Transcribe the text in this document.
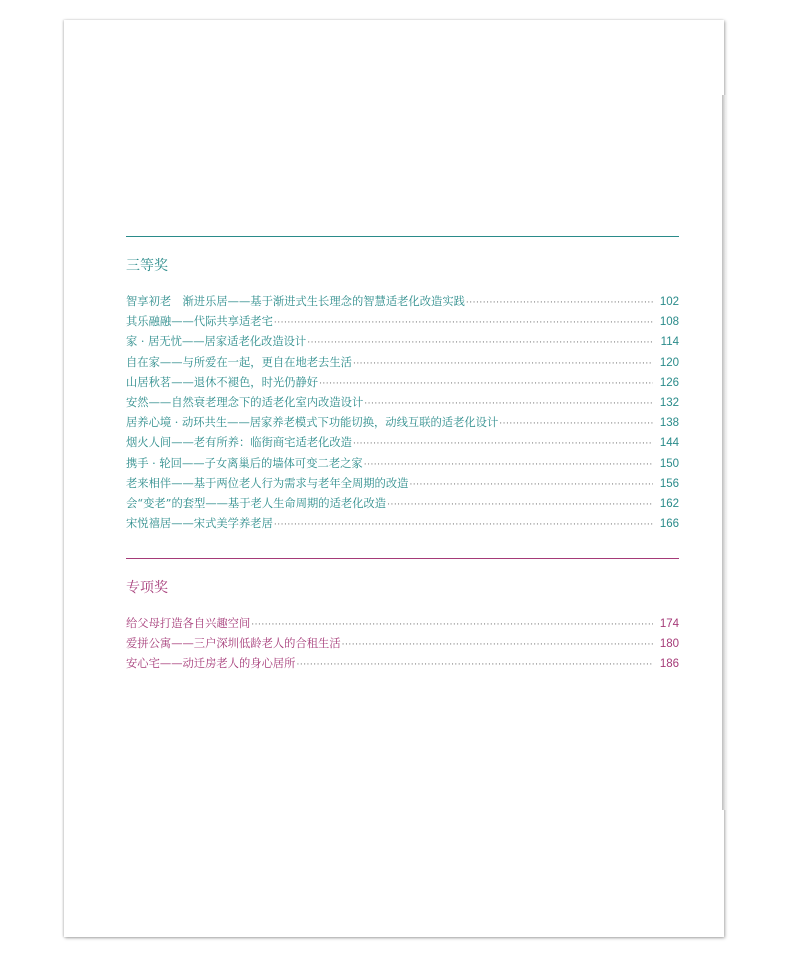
三等奖
智享初老　渐进乐居——基于渐进式生长理念的智慧适老化改造实践 ·····	102
其乐融融——代际共享适老宅 ·····	108
家 · 居无忧——居家适老化改造设计 ·····	114
自在家——与所爱在一起，更自在地老去生活 ·····	120
山居秋茗——退休不褪色，时光仍静好 ·····	126
安然——自然衰老理念下的适老化室内改造设计 ·····	132
居养心境 · 动环共生——居家养老模式下功能切换，动线互联的适老化设计 ·····	138
烟火人间——老有所养：临街商宅适老化改造 ·····	144
携手 · 轮回——子女离巢后的墙体可变二老之家 ·····	150
老来相伴——基于两位老人行为需求与老年全周期的改造 ·····	156
会“变老”的套型——基于老人生命周期的适老化改造 ·····	162
宋悦禧居——宋式美学养老居 ·····	166
专项奖
给父母打造各自兴趣空间 ·····	174
爱拼公寓——三户深圳低龄老人的合租生活 ·····	180
安心宅——动迁房老人的身心居所 ·····	186
